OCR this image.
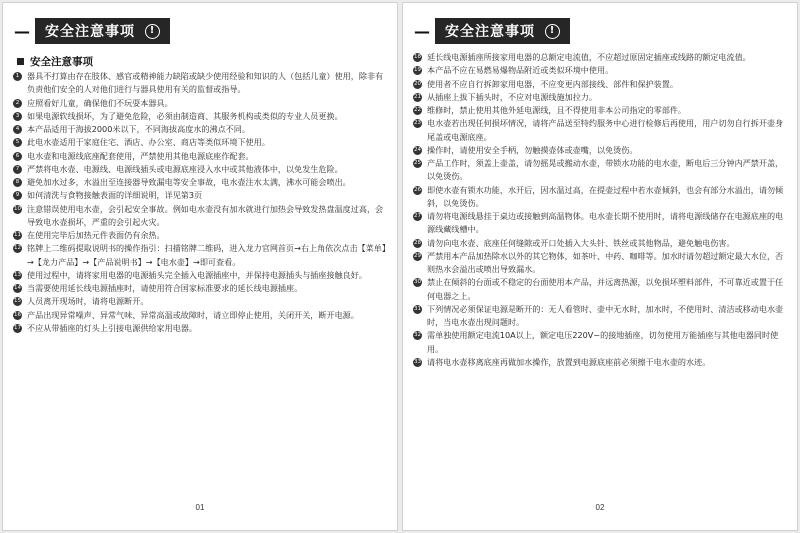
—	安全注意事项	!
安全注意事项
1 器具不打算由存在肢体、感官或精神能力缺陷或缺少使用经验和知识的人（包括儿童）使用，除非有负责他们安全的人对他们进行与器具使用有关的监督或指导。
2 应照看好儿童，确保他们不玩耍本器具。
3 如果电源软线损坏，为了避免危险，必须由制造商、其服务机构或类似的专业人员更换。
4 本产品适用于海拔2000米以下，不同海拔高度水的沸点不同。
5 此电水壶适用于家庭住宅、酒店、办公室、商店等类似环境下使用。
6 电水壶和电源线底座配套使用，严禁使用其他电源底座作配套。
7 严禁将电水壶、电源线、电源线插头或电源底座浸入水中或其他液体中，以免发生危险。
8 避免加水过多，水溢出至连接器导致漏电等安全事故，电水壶注水太满，沸水可能会喷出。
9 如何清洗与食物接触表面的详细说明，详见第3页
10 注意错误使用电水壶，会引起安全事故。例如电水壶没有加水就进行加热会导致发热盘温度过高，会导致电水壶损坏，严重的会引起火灾。
11 在使用完毕后加热元件表面仍有余热。
12 铭牌上二维码提取说明书的操作指引：扫描铭牌二维码，进入龙力官网首页→右上角依次点击【菜单】→【龙力产品】→【产品说明书】→【电水壶】→即可查看。
13 使用过程中，请将家用电器的电源插头完全插入电源插座中，并保持电源插头与插座接触良好。
14 当需要使用延长线电源插座时，请使用符合国家标准要求的延长线电源插座。
15 人员离开现场时，请将电源断开。
16 产品出现异常噪声、异常气味、异常高温或故障时，请立即停止使用，关闭开关，断开电源。
17 不应从带插座的灯头上引接电源供给家用电器。
01
—	安全注意事项	!
18 延长线电源插座所接家用电器的总额定电流值，不应超过原固定插座或线路的额定电流值。
19 本产品不应在易燃易爆物品附近或类似环境中使用。
20 使用者不应自行拆卸家用电器，不应变更内部接线、部件和保护装置。
21 从插座上拔下插头时，不应对电源线施加拉力。
22 维修时，禁止使用其他外延电源线，且不得使用非本公司指定的零部件。
23 电水壶若出现任何损坏情况，请将产品送至特约服务中心进行检修后再使用，用户切勿自行拆开壶身尾盖或电源底座。
24 操作时，请使用安全手柄，勿触摸壶体或壶嘴，以免烫伤。
25 产品工作时，须盖上壶盖，请勿摇晃或搬动水壶，带锁水功能的电水壶，断电后三分钟内严禁开盖，以免烫伤。
26 即使水壶有锁水功能，水开后，因水温过高，在提壶过程中若水壶倾斜，也会有部分水溢出，请勿倾斜，以免烫伤。
27 请勿将电源线悬挂于桌边或接触到高温物体。电水壶长期不使用时，请将电源线储存在电源底座的电源线藏线槽中。
28 请勿向电水壶、底座任何缝隙或开口处插入大头针、铁丝或其他物品，避免触电伤害。
29 严禁用本产品加热除水以外的其它物体，如茶叶、中药、咖啡等。加水时请勿超过额定最大水位，否则热水会溢出或喷出导致漏水。
30 禁止在倾斜的台面或不稳定的台面使用本产品，并远离热源，以免损坏塑料部件，不可靠近或置于任何电器之上。
31 下列情况必须保证电源是断开的：无人看管时、壶中无水时，加水时，不使用时、清洁或移动电水壶时，当电水壶出现问题时。
32 需单独使用额定电流10A以上，额定电压220V~的接地插座，切勿使用万能插座与其他电器同时使用。
33 请将电水壶移离底座再做加水操作，放置到电源底座前必须擦干电水壶的水迹。
02
